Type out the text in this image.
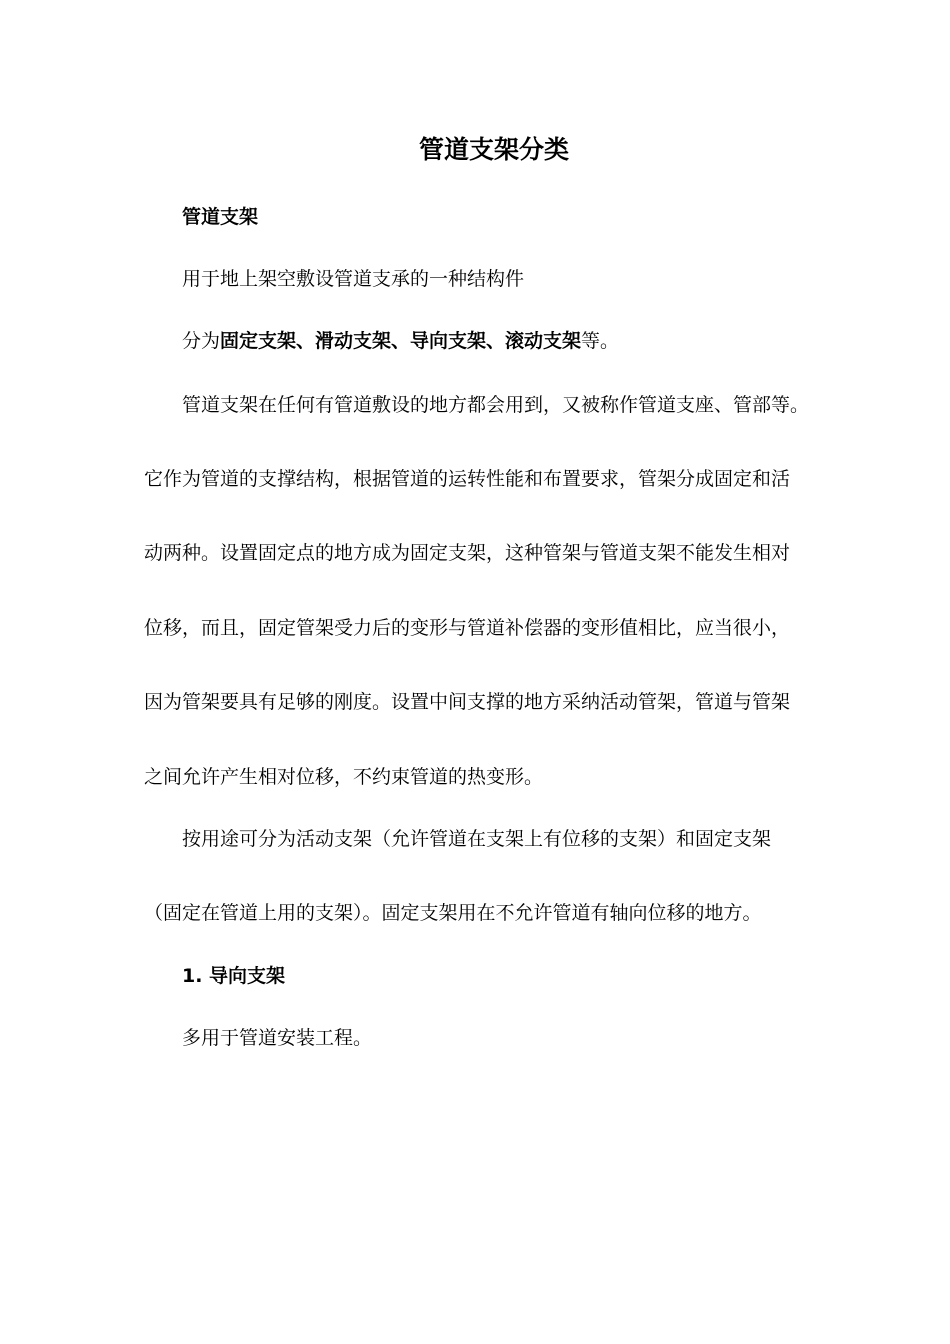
管道支架分类

管道支架

用于地上架空敷设管道支承的一种结构件

分为固定支架、滑动支架、导向支架、滚动支架等。

管道支架在任何有管道敷设的地方都会用到，又被称作管道支座、管部等。

它作为管道的支撑结构，根据管道的运转性能和布置要求，管架分成固定和活

动两种。设置固定点的地方成为固定支架，这种管架与管道支架不能发生相对

位移，而且，固定管架受力后的变形与管道补偿器的变形值相比，应当很小，

因为管架要具有足够的刚度。设置中间支撑的地方采纳活动管架，管道与管架

之间允许产生相对位移，不约束管道的热变形。

按用途可分为活动支架（允许管道在支架上有位移的支架）和固定支架

（固定在管道上用的支架）。固定支架用在不允许管道有轴向位移的地方。

1. 导向支架

多用于管道安装工程。
